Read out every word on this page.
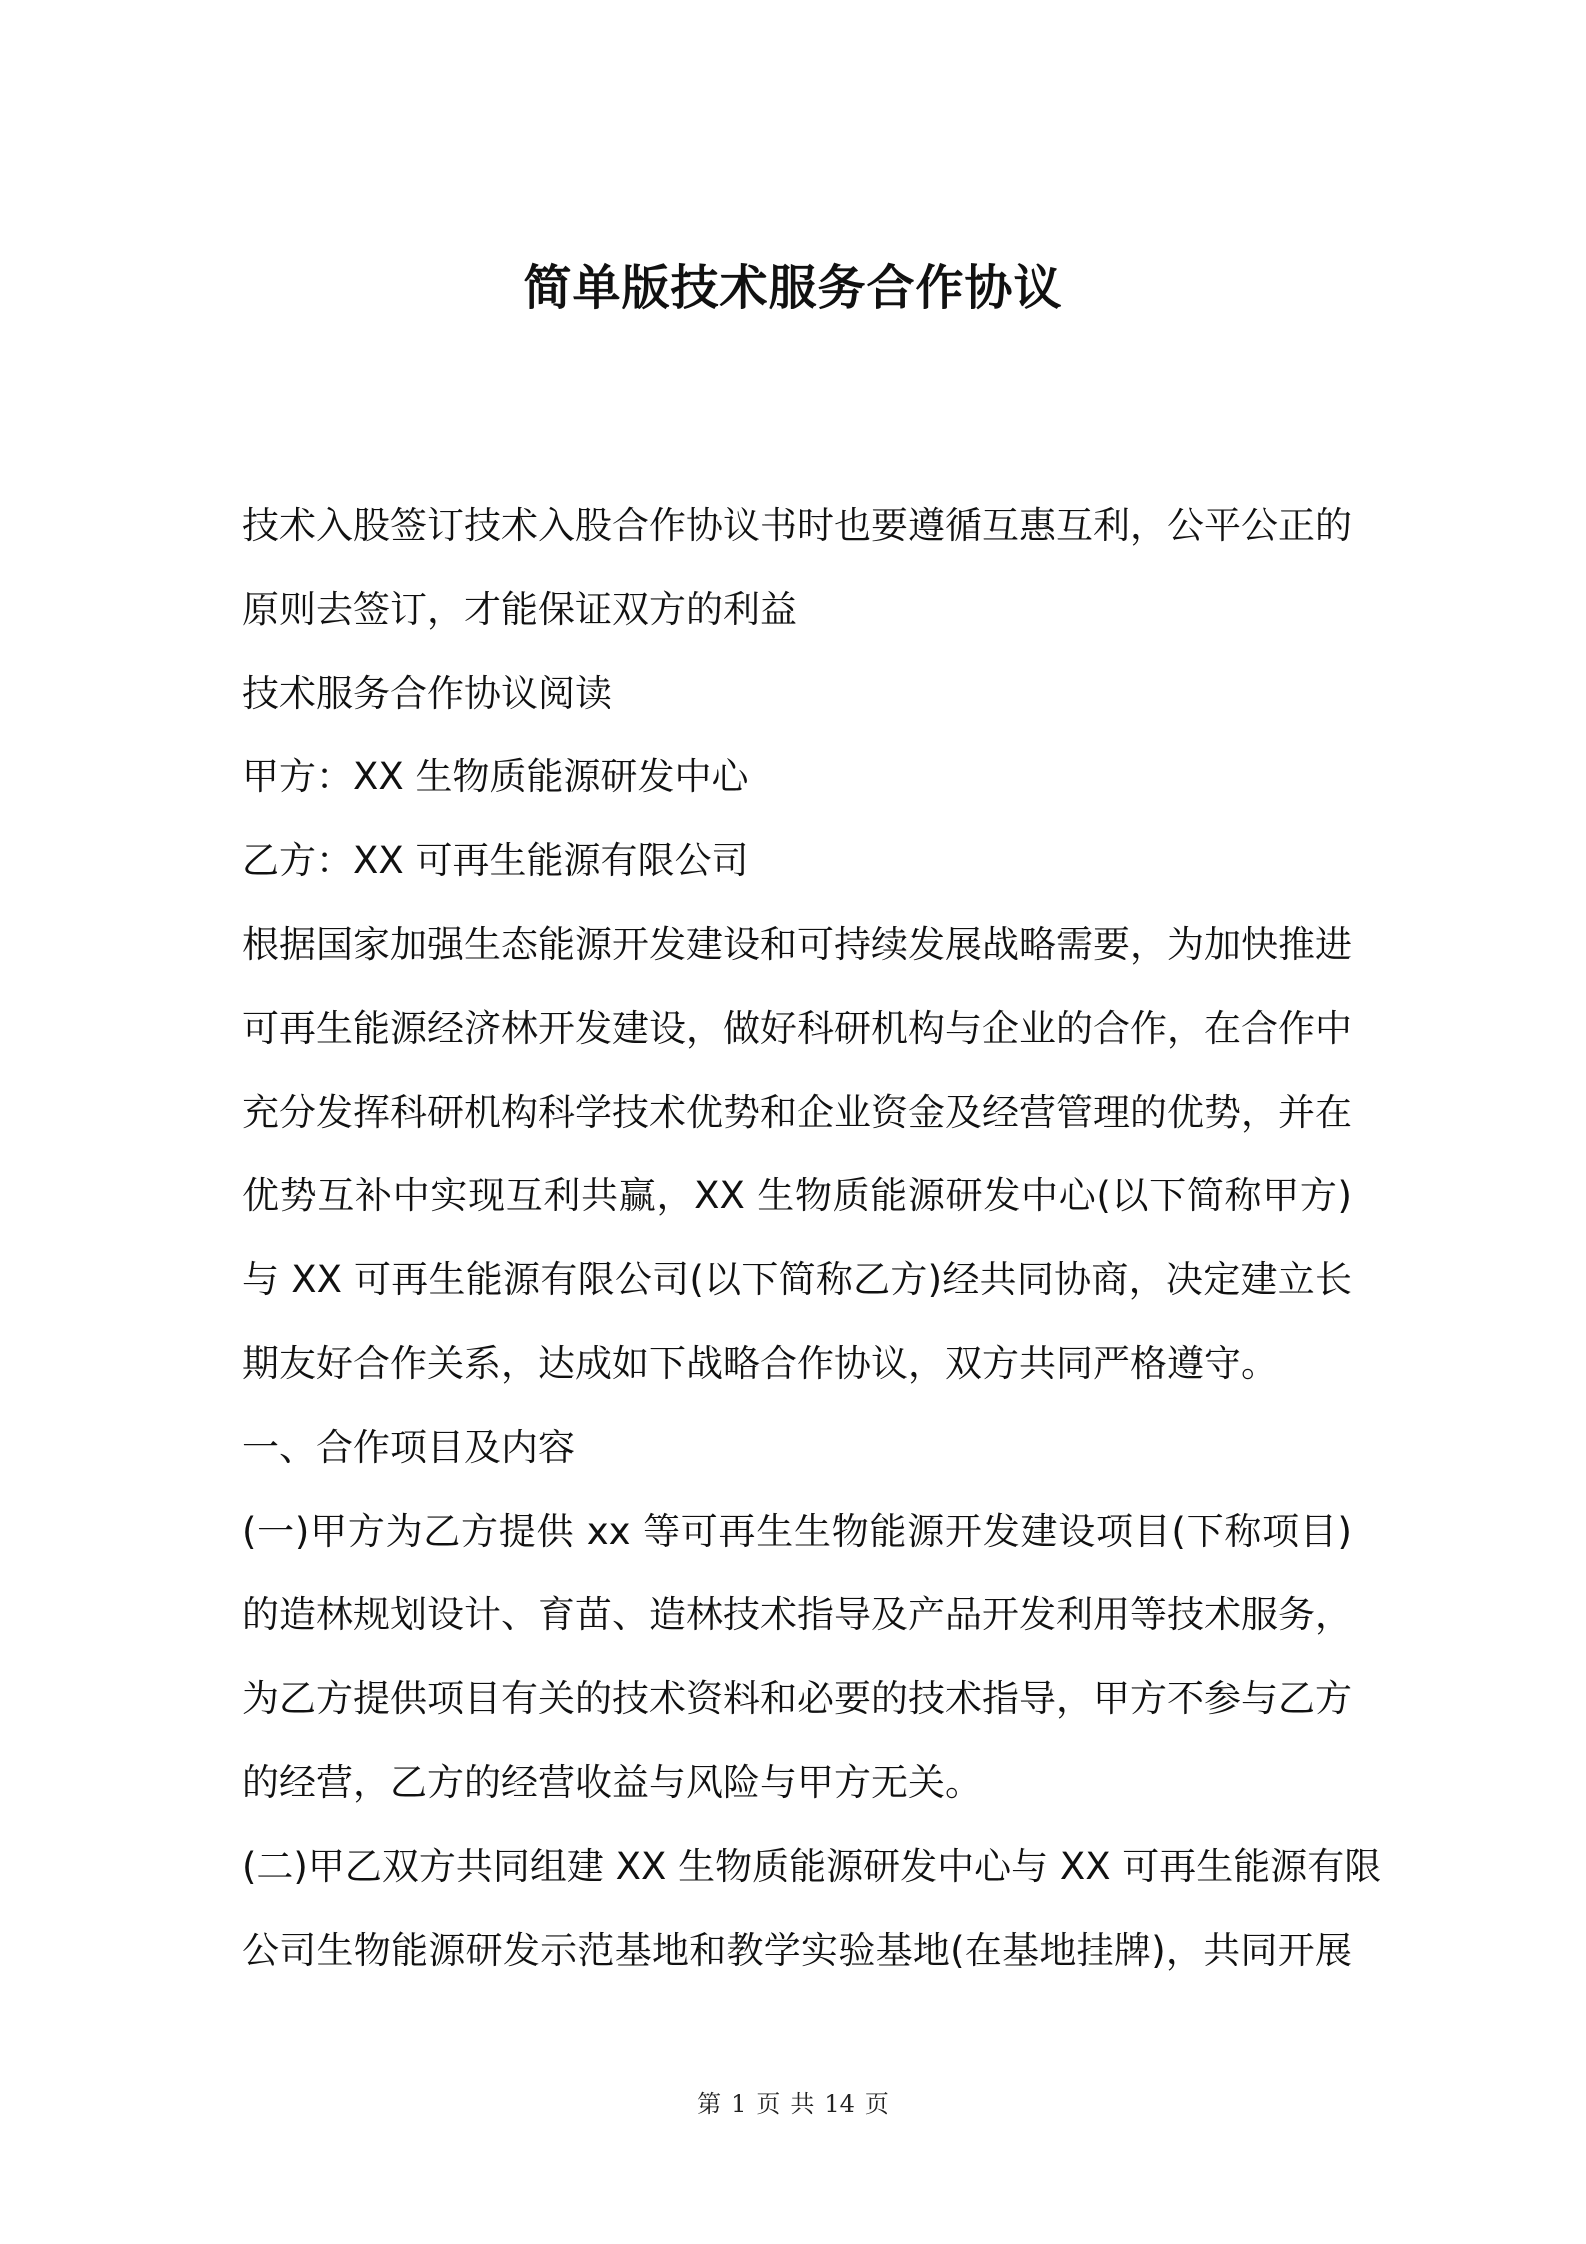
简单版技术服务合作协议
技术入股签订技术入股合作协议书时也要遵循互惠互利，公平公正的
原则去签订，才能保证双方的利益
技术服务合作协议阅读
甲方：XX 生物质能源研发中心
乙方：XX 可再生能源有限公司
根据国家加强生态能源开发建设和可持续发展战略需要，为加快推进
可再生能源经济林开发建设，做好科研机构与企业的合作，在合作中
充分发挥科研机构科学技术优势和企业资金及经营管理的优势，并在
优势互补中实现互利共赢，XX 生物质能源研发中心(以下简称甲方)
与 XX 可再生能源有限公司(以下简称乙方)经共同协商，决定建立长
期友好合作关系，达成如下战略合作协议，双方共同严格遵守。
一、合作项目及内容
(一)甲方为乙方提供 xx 等可再生生物能源开发建设项目(下称项目)
的造林规划设计、育苗、造林技术指导及产品开发利用等技术服务，
为乙方提供项目有关的技术资料和必要的技术指导，甲方不参与乙方
的经营，乙方的经营收益与风险与甲方无关。
(二)甲乙双方共同组建 XX 生物质能源研发中心与 XX 可再生能源有限
公司生物能源研发示范基地和教学实验基地(在基地挂牌)，共同开展
第 1 页 共 14 页
